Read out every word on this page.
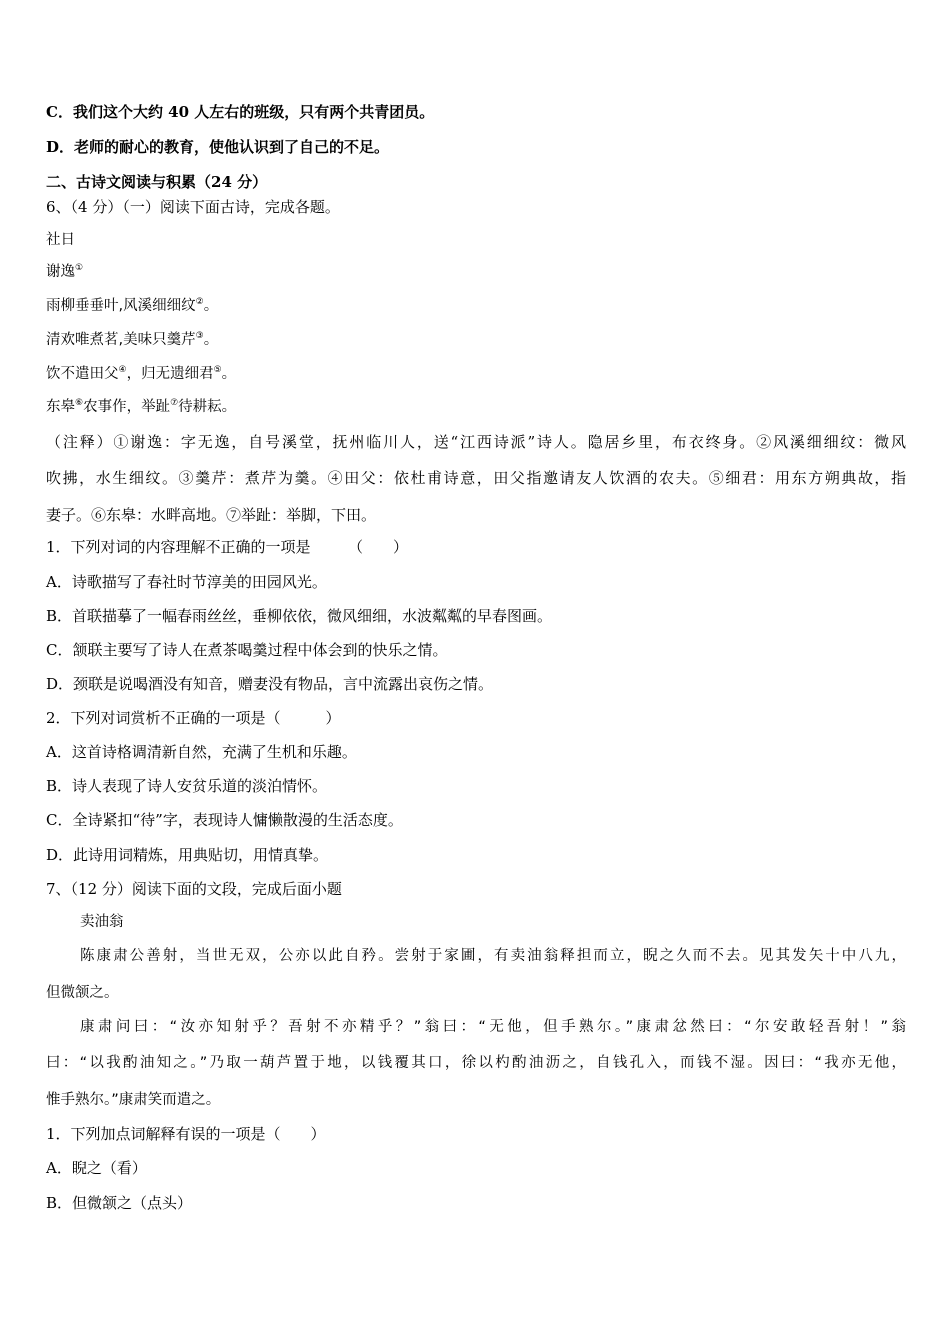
C．我们这个大约 40 人左右的班级，只有两个共青团员。
D．老师的耐心的教育，使他认识到了自己的不足。
二、古诗文阅读与积累（24 分）
6、（4 分）（一）阅读下面古诗，完成各题。
社日
谢逸①
雨柳垂垂叶,风溪细细纹②。
清欢唯煮茗,美味只羹芹③。
饮不遣田父④，归无遗细君⑤。
东皋⑥农事作，举趾⑦待耕耘。
（注释）①谢逸：字无逸，自号溪堂，抚州临川人，送“江西诗派”诗人。隐居乡里，布衣终身。②风溪细细纹：微风
吹拂，水生细纹。③羹芹：煮芹为羹。④田父：依杜甫诗意，田父指邀请友人饮酒的农夫。⑤细君：用东方朔典故，指
妻子。⑥东皋：水畔高地。⑦举趾：举脚，下田。
1．下列对词的内容理解不正确的一项是　　　（　　）
A．诗歌描写了春社时节淳美的田园风光。
B．首联描摹了一幅春雨丝丝，垂柳依依，微风细细，水波粼粼的早春图画。
C．颔联主要写了诗人在煮茶喝羹过程中体会到的快乐之情。
D．颈联是说喝酒没有知音，赠妻没有物品，言中流露出哀伤之情。
2．下列对词赏析不正确的一项是（　　　）
A．这首诗格调清新自然，充满了生机和乐趣。
B．诗人表现了诗人安贫乐道的淡泊情怀。
C．全诗紧扣“待”字，表现诗人慵懒散漫的生活态度。
D．此诗用词精炼，用典贴切，用情真挚。
7、（12 分）阅读下面的文段，完成后面小题
卖油翁
陈康肃公善射，当世无双，公亦以此自矜。尝射于家圃，有卖油翁释担而立，睨之久而不去。见其发矢十中八九，
但微颔之。
康肃问曰：“汝亦知射乎？吾射不亦精乎？”翁曰：“无他，但手熟尔。”康肃忿然曰：“尔安敢轻吾射！”翁
曰：“以我酌油知之。”乃取一葫芦置于地，以钱覆其口，徐以杓酌油沥之，自钱孔入，而钱不湿。因曰：“我亦无他，
惟手熟尔。”康肃笑而遣之。
1．下列加点词解释有误的一项是（　　）
A．睨之（看）
B．但微颔之（点头）
